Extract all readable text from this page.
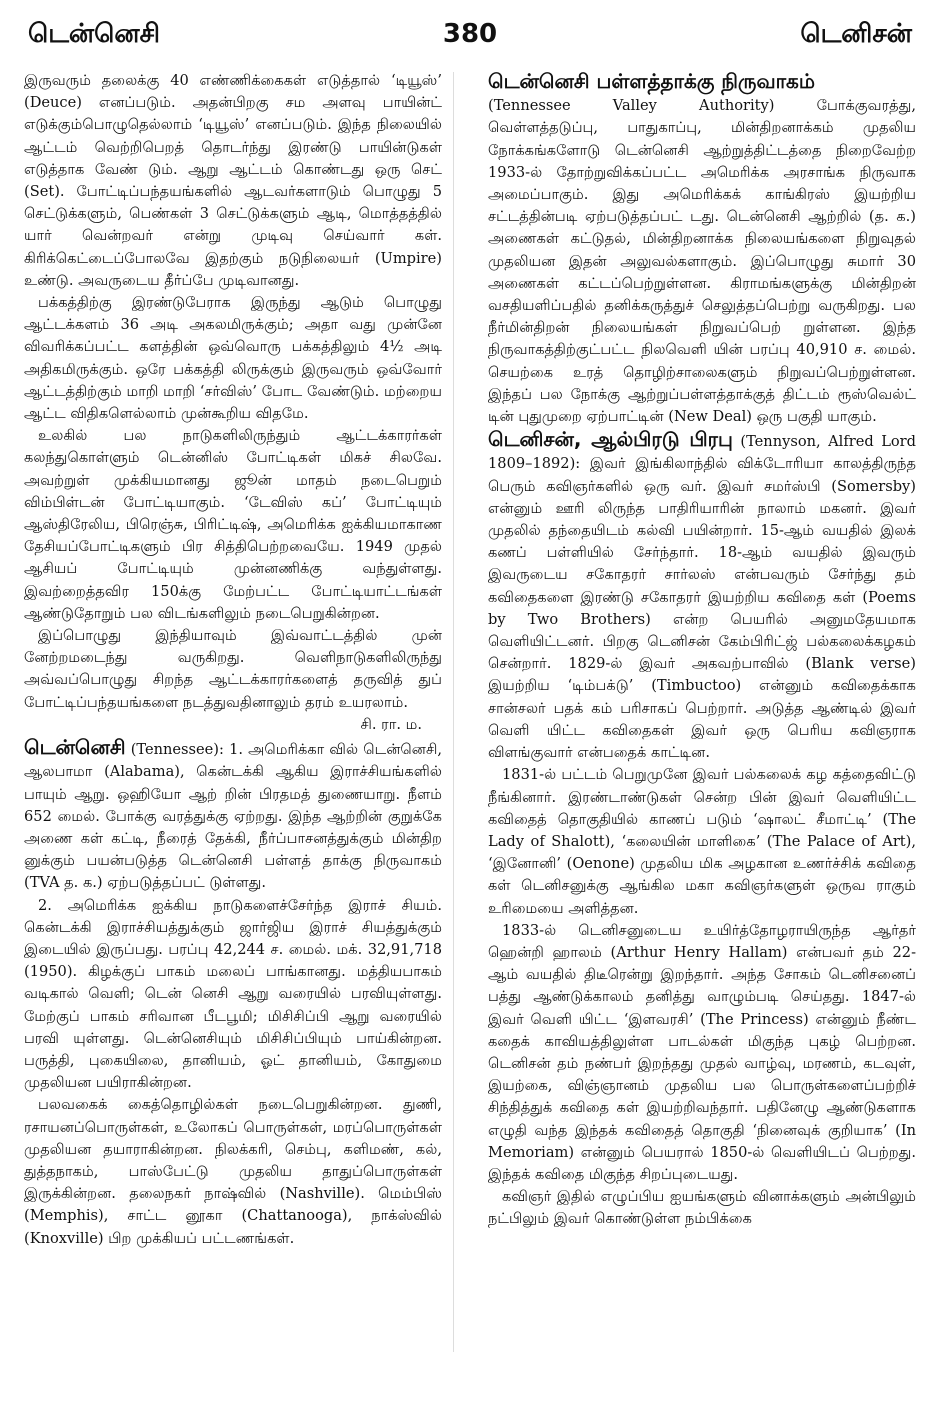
டென்னெசி	380	டெனிசன்

இருவரும் தலைக்கு 40 எண்ணிக்கைகள் எடுத்தால் ‘டியூஸ்’ (Deuce) எனப்படும். அதன்பிறகு சம அளவு பாயின்ட் எடுக்கும்பொழுதெல்லாம் ‘டியூஸ்’ எனப்படும். இந்த நிலையில் ஆட்டம் வெற்றிபெறத் தொடர்ந்து இரண்டு பாயின்டுகள் எடுத்தாக வேண் டும். ஆறு ஆட்டம் கொண்டது ஒரு செட் (Set). போட்டிப்பந்தயங்களில் ஆடவர்களாடும் பொழுது 5 செட்டுக்களும், பெண்கள் 3 செட்டுக்களும் ஆடி, மொத்தத்தில் யார் வென்றவர் என்று முடிவு செய்வார் கள். கிரிக்கெட்டைப்போலவே இதற்கும் நடுநிலையர் (Umpire) உண்டு. அவருடைய தீர்ப்பே முடிவானது.

பக்கத்திற்கு இரண்டுபேராக இருந்து ஆடும் பொழுது ஆட்டக்களம் 36 அடி அகலமிருக்கும்; அதா வது முன்னே விவரிக்கப்பட்ட களத்தின் ஒவ்வொரு பக்கத்திலும் 4½ அடி அதிகமிருக்கும். ஒரே பக்கத்தி லிருக்கும் இருவரும் ஒவ்வோர் ஆட்டத்திற்கும் மாறி மாறி ‘சர்விஸ்’ போட வேண்டும். மற்றைய ஆட்ட விதிகளெல்லாம் முன்கூறிய விதமே.

உலகில் பல நாடுகளிலிருந்தும் ஆட்டக்காரர்கள் கலந்துகொள்ளும் டென்னிஸ் போட்டிகள் மிகச் சிலவே. அவற்றுள் முக்கியமானது ஜூன் மாதம் நடைபெறும் விம்பிள்டன் போட்டியாகும். ‘டேவிஸ் கப்’ போட்டியும் ஆஸ்திரேலிய, பிரெஞ்சு, பிரிட்டிஷ், அமெரிக்க ஐக்கியமாகாண தேசியப்போட்டிகளும் பிர சித்திபெற்றவையே. 1949 முதல் ஆசியப் போட்டியும் முன்னணிக்கு வந்துள்ளது. இவற்றைத்தவிர 150க்கு மேற்பட்ட போட்டியாட்டங்கள் ஆண்டுதோறும் பல விடங்களிலும் நடைபெறுகின்றன.

இப்பொழுது இந்தியாவும் இவ்வாட்டத்தில் முன் னேற்றமடைந்து வருகிறது. வெளிநாடுகளிலிருந்து அவ்வப்பொழுது சிறந்த ஆட்டக்காரர்களைத் தருவித் துப் போட்டிப்பந்தயங்களை நடத்துவதினாலும் தரம் உயரலாம்.
சி. ரா. ம.

டென்னெசி (Tennessee): 1. அமெரிக்கா வில் டென்னெசி, ஆலபாமா (Alabama), கென்டக்கி ஆகிய இராச்சியங்களில் பாயும் ஆறு. ஒஹியோ ஆற் றின் பிரதமத் துணையாறு. நீளம் 652 மைல். போக்கு வரத்துக்கு ஏற்றது. இந்த ஆற்றின் குறுக்கே அணை கள் கட்டி, நீரைத் தேக்கி, நீர்ப்பாசனத்துக்கும் மின்திற னுக்கும் பயன்படுத்த டென்னெசி பள்ளத் தாக்கு நிருவாகம் (TVA த. க.) ஏற்படுத்தப்பட் டுள்ளது.

2. அமெரிக்க ஐக்கிய நாடுகளைச்சேர்ந்த இராச் சியம். கென்டக்கி இராச்சியத்துக்கும் ஜார்ஜிய இராச் சியத்துக்கும் இடையில் இருப்பது. பரப்பு 42,244 ச. மைல். மக். 32,91,718 (1950). கிழக்குப் பாகம் மலைப் பாங்கானது. மத்தியபாகம் வடிகால் வெளி; டென் னெசி ஆறு வரையில் பரவியுள்ளது. மேற்குப் பாகம் சரிவான பீடபூமி; மிசிசிப்பி ஆறு வரையில் பரவி யுள்ளது. டென்னெசியும் மிசிசிப்பியும் பாய்கின்றன. பருத்தி, புகையிலை, தானியம், ஓட் தானியம், கோதுமை முதலியன பயிராகின்றன.

பலவகைக் கைத்தொழில்கள் நடைபெறுகின்றன. துணி, ரசாயனப்பொருள்கள், உலோகப் பொருள்கள், மரப்பொருள்கள் முதலியன தயாராகின்றன. நிலக்கரி, செம்பு, களிமண், கல், துத்தநாகம், பாஸ்பேட்டு முதலிய தாதுப்பொருள்கள் இருக்கின்றன. தலைநகர் நாஷ்வில் (Nashville). மெம்பிஸ் (Memphis), சாட்ட னூகா (Chattanooga), நாக்ஸ்வில் (Knoxville) பிற முக்கியப் பட்டணங்கள்.

டென்னெசி பள்ளத்தாக்கு நிருவாகம்

(Tennessee Valley Authority) போக்குவரத்து, வெள்ளத்தடுப்பு, பாதுகாப்பு, மின்திறனாக்கம் முதலிய நோக்கங்களோடு டென்னெசி ஆற்றுத்திட்டத்தை நிறைவேற்ற 1933-ல் தோற்றுவிக்கப்பட்ட அமெரிக்க அரசாங்க நிருவாக அமைப்பாகும். இது அமெரிக்கக் காங்கிரஸ் இயற்றிய சட்டத்தின்படி ஏற்படுத்தப்பட் டது. டென்னெசி ஆற்றில் (த. க.) அணைகள் கட்டுதல், மின்திறனாக்க நிலையங்களை நிறுவுதல் முதலியன இதன் அலுவல்களாகும். இப்பொழுது சுமார் 30 அணைகள் கட்டப்பெற்றுள்ளன. கிராமங்களுக்கு மின்திறன் வசதியளிப்பதில் தனிக்கருத்துச் செலுத்தப்பெற்று வருகிறது. பல நீர்மின்திறன் நிலையங்கள் நிறுவப்பெற் றுள்ளன. இந்த நிருவாகத்திற்குட்பட்ட நிலவெளி யின் பரப்பு 40,910 ச. மைல். செயற்கை உரத் தொழிற்சாலைகளும் நிறுவப்பெற்றுள்ளன. இந்தப் பல நோக்கு ஆற்றுப்பள்ளத்தாக்குத் திட்டம் ரூஸ்வெல்ட் டின் புதுமுறை ஏற்பாட்டின் (New Deal) ஒரு பகுதி யாகும்.

டெனிசன், ஆல்பிரடு பிரபு (Tennyson, Alfred Lord 1809–1892): இவர் இங்கிலாந்தில் விக்டோரியா காலத்திருந்த பெரும் கவிஞர்களில் ஒரு வர். இவர் சமர்ஸ்பி (Somersby) என்னும் ஊரி லிருந்த பாதிரியாரின் நாலாம் மகனர். இவர் முதலில் தந்தையிடம் கல்வி பயின்றார். 15-ஆம் வயதில் இலக் கணப் பள்ளியில் சேர்ந்தார். 18-ஆம் வயதில் இவரும் இவருடைய சகோதரர் சார்லஸ் என்பவரும் சேர்ந்து தம் கவிதைகளை இரண்டு சகோதரர் இயற்றிய கவிதை கள் (Poems by Two Brothers) என்ற பெயரில் அனுமதேயமாக வெளியிட்டனர். பிறகு டெனிசன் கேம்பிரிட்ஜ் பல்கலைக்கழகம் சென்றார். 1829-ல் இவர் அகவற்பாவில் (Blank verse) இயற்றிய ‘டிம்பக்டு’ (Timbuctoo) என்னும் கவிதைக்காக சான்சலர் பதக் கம் பரிசாகப் பெற்றார். அடுத்த ஆண்டில் இவர் வெளி யிட்ட கவிதைகள் இவர் ஒரு பெரிய கவிஞராக விளங்குவார் என்பதைக் காட்டின.

1831-ல் பட்டம் பெறுமுனே இவர் பல்கலைக் கழ கத்தைவிட்டு நீங்கினார். இரண்டாண்டுகள் சென்ற பின் இவர் வெளியிட்ட கவிதைத் தொகுதியில் காணப் படும் ‘ஷாலட் சீமாட்டி’ (The Lady of Shalott), ‘கலையின் மாளிகை’ (The Palace of Art), ‘இனோனி’ (Oenone) முதலிய மிக அழகான உணர்ச்சிக் கவிதை கள் டெனிசனுக்கு ஆங்கில மகா கவிஞர்களுள் ஒருவ ராகும் உரிமையை அளித்தன.

1833-ல் டெனிசனுடைய உயிர்த்தோழராயிருந்த ஆர்தர் ஹென்றி ஹாலம் (Arthur Henry Hallam) என்பவர் தம் 22-ஆம் வயதில் திடீரென்று இறந்தார். அந்த சோகம் டெனிசனைப் பத்து ஆண்டுக்காலம் தனித்து வாழும்படி செய்தது. 1847-ல் இவர் வெளி யிட்ட ‘இளவரசி’ (The Princess) என்னும் நீண்ட கதைக் காவியத்திலுள்ள பாடல்கள் மிகுந்த புகழ் பெற்றன. டெனிசன் தம் நண்பர் இறந்தது முதல் வாழ்வு, மரணம், கடவுள், இயற்கை, விஞ்ஞானம் முதலிய பல பொருள்களைப்பற்றிச் சிந்தித்துக் கவிதை கள் இயற்றிவந்தார். பதினேழு ஆண்டுகளாக எழுதி வந்த இந்தக் கவிதைத் தொகுதி ‘நினைவுக் குறியாக’ (In Memoriam) என்னும் பெயரால் 1850-ல் வெளியிடப் பெற்றது. இந்தக் கவிதை மிகுந்த சிறப்புடையது.

கவிஞர் இதில் எழுப்பிய ஐயங்களும் வினாக்களும் அன்பிலும் நட்பிலும் இவர் கொண்டுள்ள நம்பிக்கை
